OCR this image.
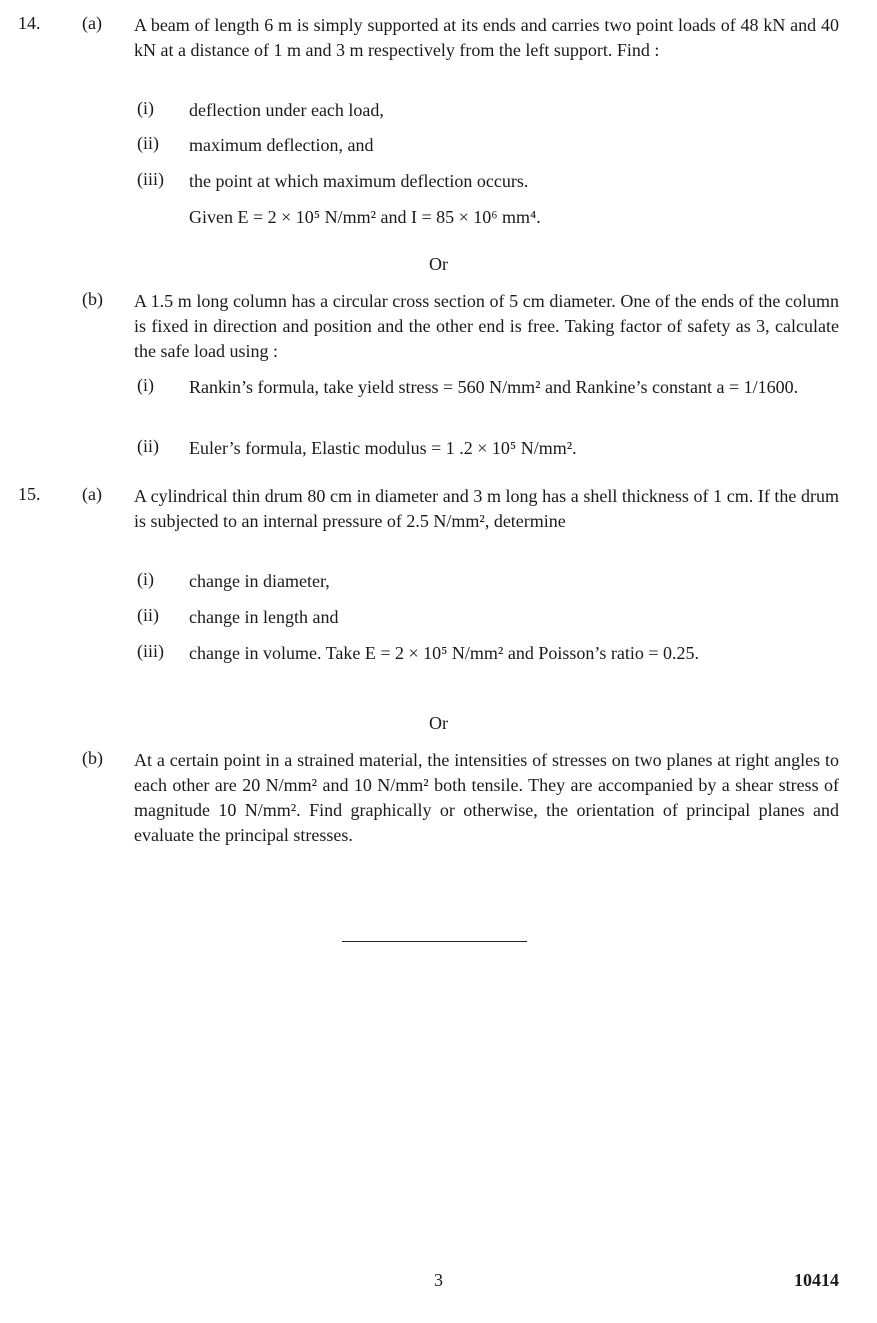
14. (a) A beam of length 6 m is simply supported at its ends and carries two point loads of 48 kN and 40 kN at a distance of 1 m and 3 m respectively from the left support. Find :
(i) deflection under each load,
(ii) maximum deflection, and
(iii) the point at which maximum deflection occurs.
Given E = 2 × 10⁵ N/mm² and I = 85 × 10⁶ mm⁴.
Or
(b) A 1.5 m long column has a circular cross section of 5 cm diameter. One of the ends of the column is fixed in direction and position and the other end is free. Taking factor of safety as 3, calculate the safe load using :
(i) Rankin’s formula, take yield stress = 560 N/mm² and Rankine’s constant a = 1/1600.
(ii) Euler’s formula, Elastic modulus = 1 .2 × 10⁵ N/mm².
15. (a) A cylindrical thin drum 80 cm in diameter and 3 m long has a shell thickness of 1 cm. If the drum is subjected to an internal pressure of 2.5 N/mm², determine
(i) change in diameter,
(ii) change in length and
(iii) change in volume. Take E = 2 × 10⁵ N/mm² and Poisson’s ratio = 0.25.
Or
(b) At a certain point in a strained material, the intensities of stresses on two planes at right angles to each other are 20 N/mm² and 10 N/mm² both tensile. They are accompanied by a shear stress of magnitude 10 N/mm². Find graphically or otherwise, the orientation of principal planes and evaluate the principal stresses.
3	10414
